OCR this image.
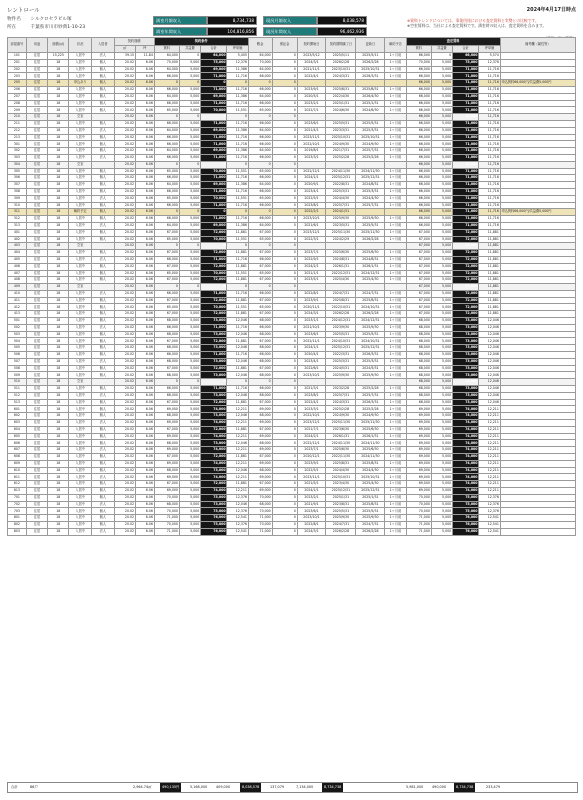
レントロール	2024年4月17日時点
物件名 シルクロセラビル塚
所在	千葉県市川市妙典1-10-23
満室月額収入	8,734,738	現況月額収入	8,038,578
満室年間収入	104,816,856	現況年間収入	96,462,936
※賃料トレンドについては、事業用途における査定賃料と実勢との比較です。
※空室賃料は、当社による査定賃料です。満室時の収入は、査定賃料を含みます。
部屋番号	用途	面積(㎡)	状況	入居者	契約面積		契約条件				敷金	保証金	契約開始日	契約期間満了日	更新日	解約予告	査定賃料				備考欄（属性等）
					㎡	坪	賃料	共益費	合計	坪単価							賃料	共益費	合計	坪単価	
101	住居	15,225	入居中	法人	39.15	11.84	64,000	0	64,000	5,405	64,000	0	2023/5/12	2025/5/11	2025/5/11	1ヶ月前	66,000	0	66,000	5,574	
201	住居	18	入居中	個人	20.02	6.06	70,000	5,000	75,000	12,376	70,000	0	2024/3/1	2026/2/28	2026/2/28	1ヶ月前	70,000	5,000	75,000	12,376	
202	住居	18	入居中	個人	20.02	6.06	64,000	5,000	69,000	11,386	64,000	0	2021/11/1	2023/10/31	2025/10/31	1ヶ月前	66,000	5,000	71,000	11,716	
203	住居	18	入居中	個人	20.02	6.06	66,000	5,000	71,000	11,716	66,000	0	2022/4/1	2024/3/31	2026/3/31	1ヶ月前	66,000	5,000	71,000	11,716	
205	住居	18	申込あり	個人	20.02	6.06	0	0	0	0	0	0					66,000	5,000	71,000	11,716	申込賃料66,000円/共益費5,000円
206	住居	18	入居中	個人	20.02	6.06	66,000	5,000	71,000	11,716	66,000	0	2023/9/1	2025/8/31	2025/8/31	1ヶ月前	66,000	5,000	71,000	11,716	
207	住居	18	入居中	個人	20.02	6.06	64,000	5,000	69,000	11,386	64,000	0	2020/5/1	2022/4/30	2026/4/30	1ヶ月前	66,000	5,000	71,000	11,716	
208	住居	18	入居中	個人	20.02	6.06	66,000	5,000	71,000	11,716	66,000	0	2023/2/1	2025/1/31	2025/1/31	1ヶ月前	66,000	5,000	71,000	11,716	
209	住居	18	入居中	個人	20.02	6.06	65,000	5,000	70,000	11,551	65,000	0	2022/7/1	2024/6/30	2024/6/30	1ヶ月前	66,000	5,000	71,000	11,716	
210	住居	18	空室		20.02	6.06	0	0	0	0	0	0					66,000	5,000	71,000	11,716	
211	住居	18	入居中	個人	20.02	6.06	66,000	5,000	71,000	11,716	66,000	0	2023/6/1	2025/5/31	2025/5/31	1ヶ月前	66,000	5,000	71,000	11,716	
212	住居	18	入居中	法人	20.02	6.06	64,000	5,000	69,000	11,386	64,000	0	2021/4/1	2023/3/31	2025/3/31	1ヶ月前	66,000	5,000	71,000	11,716	
213	住居	18	入居中	個人	20.02	6.06	66,000	5,000	71,000	11,716	66,000	0	2023/11/1	2025/10/31	2025/10/31	1ヶ月前	66,000	5,000	71,000	11,716	
301	住居	18	入居中	個人	20.02	6.06	66,000	5,000	71,000	11,716	66,000	0	2022/10/1	2024/9/30	2024/9/30	1ヶ月前	66,000	5,000	71,000	11,716	
302	住居	18	入居中	個人	20.02	6.06	64,000	5,000	69,000	11,386	64,000	0	2019/8/1	2021/7/31	2025/7/31	1ヶ月前	66,000	5,000	71,000	11,716	
303	住居	18	入居中	法人	20.02	6.06	66,000	5,000	71,000	11,716	66,000	0	2023/3/1	2025/2/28	2025/2/28	1ヶ月前	66,000	5,000	71,000	11,716	
304	住居	18	空室		20.02	6.06	0	0	0	0	0	0					66,000	5,000	71,000	11,716	
305	住居	18	入居中	個人	20.02	6.06	65,000	5,000	70,000	11,551	65,000	0	2022/12/1	2024/11/30	2024/11/30	1ヶ月前	66,000	5,000	71,000	11,716	
306	住居	18	入居中	個人	20.02	6.06	66,000	5,000	71,000	11,716	66,000	0	2024/1/1	2025/12/31	2025/12/31	1ヶ月前	66,000	5,000	71,000	11,716	
307	住居	18	入居中	個人	20.02	6.06	64,000	5,000	69,000	11,386	64,000	0	2020/9/1	2022/8/31	2024/8/31	1ヶ月前	66,000	5,000	71,000	11,716	
308	住居	18	入居中	個人	20.02	6.06	66,000	5,000	71,000	11,716	66,000	0	2023/4/1	2025/3/31	2025/3/31	1ヶ月前	66,000	5,000	71,000	11,716	
309	住居	18	入居中	法人	20.02	6.06	65,000	5,000	70,000	11,551	65,000	0	2022/5/1	2024/4/30	2024/4/30	1ヶ月前	66,000	5,000	71,000	11,716	
310	住居	18	入居中	個人	20.02	6.06	66,000	5,000	71,000	11,716	66,000	0	2023/8/1	2025/7/31	2025/7/31	1ヶ月前	66,000	5,000	71,000	11,716	
311	住居	18	解約予定	個人	20.02	6.06	0	0	0	0	0	0	2022/2/1	2024/1/31			66,000	5,000	71,000	11,716	申込賃料66,000円/共益費5,000円
312	住居	18	入居中	個人	20.02	6.06	66,000	5,000	71,000	11,716	66,000	0	2023/10/1	2025/9/30	2025/9/30	1ヶ月前	66,000	5,000	71,000	11,716	
313	住居	18	入居中	法人	20.02	6.06	64,000	5,000	69,000	11,386	64,000	0	2021/6/1	2023/5/31	2025/5/31	1ヶ月前	66,000	5,000	71,000	11,716	
401	住居	18	入居中	個人	20.02	6.06	67,000	5,000	72,000	11,881	67,000	0	2023/12/1	2025/11/30	2025/11/30	1ヶ月前	67,000	5,000	72,000	11,881	
402	住居	18	入居中	個人	20.02	6.06	65,000	5,000	70,000	11,551	65,000	0	2022/3/1	2024/2/29	2026/2/28	1ヶ月前	67,000	5,000	72,000	11,881	
403	住居	18	空室		20.02	6.06	0	0	0	0	0	0					67,000	5,000	72,000	11,881	
404	住居	18	入居中	個人	20.02	6.06	67,000	5,000	72,000	11,881	67,000	0	2023/7/1	2025/6/30	2025/6/30	1ヶ月前	67,000	5,000	72,000	11,881	
405	住居	18	入居中	法人	20.02	6.06	66,000	5,000	71,000	11,716	66,000	0	2022/9/1	2024/8/31	2024/8/31	1ヶ月前	67,000	5,000	72,000	11,881	
406	住居	18	入居中	個人	20.02	6.06	67,000	5,000	72,000	11,881	67,000	0	2024/2/1	2026/1/31	2026/1/31	1ヶ月前	67,000	5,000	72,000	11,881	
407	住居	18	入居中	個人	20.02	6.06	65,000	5,000	70,000	11,551	65,000	0	2021/1/1	2022/12/31	2024/12/31	1ヶ月前	67,000	5,000	72,000	11,881	
408	住居	18	入居中	個人	20.02	6.06	67,000	5,000	72,000	11,881	67,000	0	2023/5/1	2025/4/30	2025/4/30	1ヶ月前	67,000	5,000	72,000	11,881	
409	住居	18	空室		20.02	6.06	0	0	0	0	0	0					67,000	5,000	72,000	11,881	
410	住居	18	入居中	法人	20.02	6.06	66,000	5,000	71,000	11,716	66,000	0	2022/8/1	2024/7/31	2024/7/31	1ヶ月前	67,000	5,000	72,000	11,881	
411	住居	18	入居中	個人	20.02	6.06	67,000	5,000	72,000	11,881	67,000	0	2023/9/1	2025/8/31	2025/8/31	1ヶ月前	67,000	5,000	72,000	11,881	
412	住居	18	入居中	個人	20.02	6.06	65,000	5,000	70,000	11,551	65,000	0	2020/11/1	2022/10/31	2024/10/31	1ヶ月前	67,000	5,000	72,000	11,881	
413	住居	18	入居中	個人	20.02	6.06	67,000	5,000	72,000	11,881	67,000	0	2024/3/1	2026/2/28	2026/2/28	1ヶ月前	67,000	5,000	72,000	11,881	
501	住居	18	入居中	個人	20.02	6.06	68,000	5,000	73,000	12,046	68,000	0	2023/1/1	2024/12/31	2024/12/31	1ヶ月前	68,000	5,000	73,000	12,046	
502	住居	18	入居中	法人	20.02	6.06	66,000	5,000	71,000	11,716	66,000	0	2021/10/1	2023/9/30	2025/9/30	1ヶ月前	68,000	5,000	73,000	12,046	
503	住居	18	入居中	個人	20.02	6.06	68,000	5,000	73,000	12,046	68,000	0	2023/6/1	2025/5/31	2025/5/31	1ヶ月前	68,000	5,000	73,000	12,046	
504	住居	18	入居中	個人	20.02	6.06	67,000	5,000	72,000	11,881	67,000	0	2022/11/1	2024/10/31	2024/10/31	1ヶ月前	68,000	5,000	73,000	12,046	
505	住居	18	入居中	個人	20.02	6.06	68,000	5,000	73,000	12,046	68,000	0	2024/1/1	2025/12/31	2025/12/31	1ヶ月前	68,000	5,000	73,000	12,046	
506	住居	18	入居中	個人	20.02	6.06	66,000	5,000	71,000	11,716	66,000	0	2020/4/1	2022/3/31	2026/3/31	1ヶ月前	68,000	5,000	73,000	12,046	
507	住居	18	入居中	法人	20.02	6.06	68,000	5,000	73,000	12,046	68,000	0	2023/4/1	2025/3/31	2025/3/31	1ヶ月前	68,000	5,000	73,000	12,046	
508	住居	18	入居中	個人	20.02	6.06	67,000	5,000	72,000	11,881	67,000	0	2022/6/1	2024/5/31	2024/5/31	1ヶ月前	68,000	5,000	73,000	12,046	
509	住居	18	入居中	個人	20.02	6.06	68,000	5,000	73,000	12,046	68,000	0	2023/10/1	2025/9/30	2025/9/30	1ヶ月前	68,000	5,000	73,000	12,046	
510	住居	18	空室		20.02	6.06	0	0	0	0	0	0					68,000	5,000	73,000	12,046	
511	住居	18	入居中	個人	20.02	6.06	66,000	5,000	71,000	11,716	66,000	0	2021/3/1	2023/2/28	2025/2/28	1ヶ月前	68,000	5,000	73,000	12,046	
512	住居	18	入居中	法人	20.02	6.06	68,000	5,000	73,000	12,046	68,000	0	2023/8/1	2025/7/31	2025/7/31	1ヶ月前	68,000	5,000	73,000	12,046	
513	住居	18	入居中	個人	20.02	6.06	67,000	5,000	72,000	11,881	67,000	0	2022/4/1	2024/3/31	2026/3/31	1ヶ月前	68,000	5,000	73,000	12,046	
601	住居	18	入居中	個人	20.02	6.06	69,000	5,000	74,000	12,211	69,000	0	2023/3/1	2025/2/28	2025/2/28	1ヶ月前	69,000	5,000	74,000	12,211	
602	住居	18	入居中	個人	20.02	6.06	68,000	5,000	73,000	12,046	68,000	0	2022/10/1	2024/9/30	2024/9/30	1ヶ月前	69,000	5,000	74,000	12,211	
603	住居	18	入居中	法人	20.02	6.06	69,000	5,000	74,000	12,211	69,000	0	2023/12/1	2025/11/30	2025/11/30	1ヶ月前	69,000	5,000	74,000	12,211	
604	住居	18	入居中	個人	20.02	6.06	67,000	5,000	72,000	11,881	67,000	0	2021/7/1	2023/6/30	2025/6/30	1ヶ月前	69,000	5,000	74,000	12,211	
605	住居	18	入居中	個人	20.02	6.06	69,000	5,000	74,000	12,211	69,000	0	2024/2/1	2026/1/31	2026/1/31	1ヶ月前	69,000	5,000	74,000	12,211	
606	住居	18	入居中	個人	20.02	6.06	68,000	5,000	73,000	12,046	68,000	0	2022/12/1	2024/11/30	2024/11/30	1ヶ月前	69,000	5,000	74,000	12,211	
607	住居	18	入居中	法人	20.02	6.06	69,000	5,000	74,000	12,211	69,000	0	2023/7/1	2025/6/30	2025/6/30	1ヶ月前	69,000	5,000	74,000	12,211	
608	住居	18	入居中	個人	20.02	6.06	67,000	5,000	72,000	11,881	67,000	0	2020/12/1	2022/11/30	2024/11/30	1ヶ月前	69,000	5,000	74,000	12,211	
609	住居	18	入居中	個人	20.02	6.06	69,000	5,000	74,000	12,211	69,000	0	2023/9/1	2025/8/31	2025/8/31	1ヶ月前	69,000	5,000	74,000	12,211	
610	住居	18	入居中	個人	20.02	6.06	68,000	5,000	73,000	12,046	68,000	0	2022/5/1	2024/4/30	2024/4/30	1ヶ月前	69,000	5,000	74,000	12,211	
611	住居	18	入居中	法人	20.02	6.06	69,000	5,000	74,000	12,211	69,000	0	2023/11/1	2025/10/31	2025/10/31	1ヶ月前	69,000	5,000	74,000	12,211	
612	住居	18	入居中	個人	20.02	6.06	67,000	5,000	72,000	11,881	67,000	0	2021/5/1	2023/4/30	2025/4/30	1ヶ月前	69,000	5,000	74,000	12,211	
613	住居	18	入居中	個人	20.02	6.06	69,000	5,000	74,000	12,211	69,000	0	2024/1/1	2025/12/31	2025/12/31	1ヶ月前	69,000	5,000	74,000	12,211	
701	住居	18	入居中	個人	20.02	6.06	70,000	5,000	75,000	12,376	70,000	0	2023/2/1	2025/1/31	2025/1/31	1ヶ月前	70,000	5,000	75,000	12,376	
702	住居	18	入居中	法人	20.02	6.06	68,000	5,000	73,000	12,046	68,000	0	2021/9/1	2023/8/31	2025/8/31	1ヶ月前	70,000	5,000	75,000	12,376	
703	住居	18	入居中	個人	20.02	6.06	70,000	5,000	75,000	12,376	70,000	0	2023/6/1	2025/5/31	2025/5/31	1ヶ月前	70,000	5,000	75,000	12,376	
801	住居	18	入居中	個人	20.02	6.06	71,000	5,000	76,000	12,541	71,000	0	2023/10/1	2025/9/30	2025/9/30	1ヶ月前	71,000	5,000	76,000	12,541	
802	住居	18	入居中	個人	20.02	6.06	70,000	5,000	75,000	12,376	70,000	0	2022/8/1	2024/7/31	2024/7/31	1ヶ月前	71,000	5,000	76,000	12,541	
803	住居	18	入居中	法人	20.02	6.06	71,000	5,000	76,000	12,541	71,000	0	2024/3/1	2026/2/28	2026/2/28	1ヶ月前	71,000	5,000	76,000	12,541	
合計	86戸	2,964.74㎡	490,135円	5,168,000	409,000	8,038,578	137,079	7,134,000	8,734,738	5,981,000	490,000	8,734,738	233,479
